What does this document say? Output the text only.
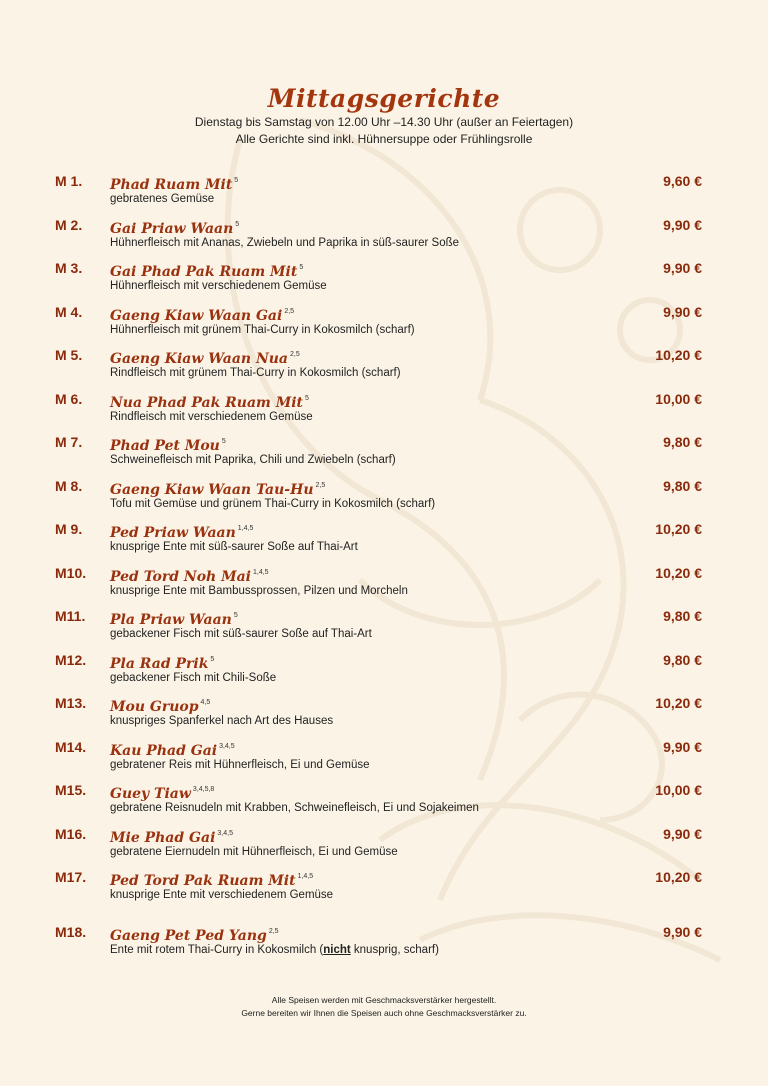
Mittagsgerichte
Dienstag bis Samstag von 12.00 Uhr –14.30 Uhr (außer an Feiertagen)
Alle Gerichte sind inkl. Hühnersuppe oder Frühlingsrolle
M 1. Phad Ruam Mit $^5$	9,60 €
gebratenes Gemüse
M 2. Gai Priaw Waan $^5$	9,90 €
Hühnerfleisch mit Ananas, Zwiebeln und Paprika in süß-saurer Soße
M 3. Gai Phad Pak Ruam Mit $^5$	9,90 €
Hühnerfleisch mit verschiedenem Gemüse
M 4. Gaeng Kiaw Waan Gai $^{2,5}$	9,90 €
Hühnerfleisch mit grünem Thai-Curry in Kokosmilch (scharf)
M 5. Gaeng Kiaw Waan Nua $^{2,5}$	10,20 €
Rindfleisch mit grünem Thai-Curry in Kokosmilch (scharf)
M 6. Nua Phad Pak Ruam Mit $^5$	10,00 €
Rindfleisch mit verschiedenem Gemüse
M 7. Phad Pet Mou $^5$	9,80 €
Schweinefleisch mit Paprika, Chili und Zwiebeln (scharf)
M 8. Gaeng Kiaw Waan Tau-Hu $^{2,5}$	9,80 €
Tofu mit Gemüse und grünem Thai-Curry in Kokosmilch (scharf)
M 9. Ped Priaw Waan $^{1,4,5}$	10,20 €
knusprige Ente mit süß-saurer Soße auf Thai-Art
M10. Ped Tord Noh Mai $^{1,4,5}$	10,20 €
knusprige Ente mit Bambussprossen, Pilzen und Morcheln
M11. Pla Priaw Waan $^5$	9,80 €
gebackener Fisch mit süß-saurer Soße auf Thai-Art
M12. Pla Rad Prik $^5$	9,80 €
gebackener Fisch mit Chili-Soße
M13. Mou Gruop $^{4,5}$	10,20 €
knuspriges Spanferkel nach Art des Hauses
M14. Kau Phad Gai $^{3,4,5}$	9,90 €
gebratener Reis mit Hühnerfleisch, Ei und Gemüse
M15. Guey Tiaw $^{3,4,5,8}$	10,00 €
gebratene Reisnudeln mit Krabben, Schweinefleisch, Ei und Sojakeimen
M16. Mie Phad Gai $^{3,4,5}$	9,90 €
gebratene Eiernudeln mit Hühnerfleisch, Ei und Gemüse
M17. Ped Tord Pak Ruam Mit $^{1,4,5}$	10,20 €
knusprige Ente mit verschiedenem Gemüse
M18. Gaeng Pet Ped Yang $^{2,5}$	9,90 €
Ente mit rotem Thai-Curry in Kokosmilch (nicht knusprig, scharf)
Alle Speisen werden mit Geschmacksverstärker hergestellt.
Gerne bereiten wir Ihnen die Speisen auch ohne Geschmacksverstärker zu.
